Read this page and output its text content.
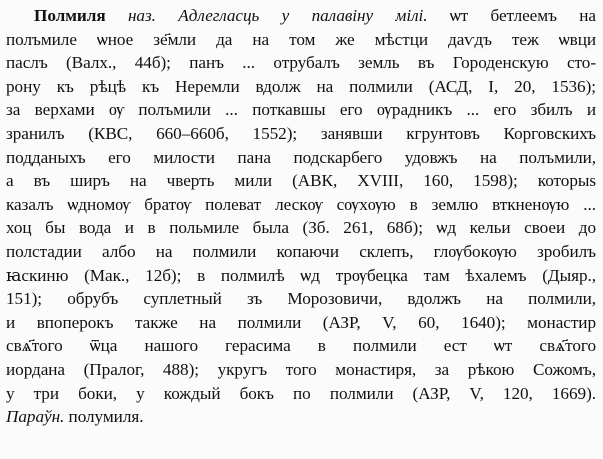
Полмиля наз. Адлегласць у палавіну мілі. ѡт бетлеемъ на
полъмиле ѡное зе҃мли да на том же мѣстци даѵдъ теж ѡвци
паслъ (Валх., 44б); панъ ... отрубалъ земль въ Городенскую сто-
рону къ рѣцѣ къ Неремли вдолж на полмили (АСД, I, 20, 1536);
за верхами ѹ полъмили ... поткавшы его ѹрадникъ ... его збилъ и
зранилъ (КВС, 660–660б, 1552); занявши кгрунтовъ Корговскихъ
подданыхъ его милости пана подскарбего удовжъ на полъмили,
а въ ширъ на чверть мили (АВК, XVIII, 160, 1598); которыѕ
казалъ ѡдномѹ братѹ полеват лескѹ сѹхѹю в землю вткненѹю ...
хоц бы вода и в польмиле была (Зб. 261, 68б); ѡд кельи своеи до
полстадии албо на полмили копаючи склепъ, глѹбокѹю зробилъ
ꙗскиню (Мак., 12б); в полмилѣ ѡд трѹбецка там ѣхалемъ (Дыяр.,
151); обрубъ суплетный зъ Морозовичи, вдолжъ на полмили,
и впоперокъ также на полмили (АЗР, V, 60, 1640); монастир
свѧ҃того ѿца нашого герасима в полмили ест ѡт свѧ҃того
иордана (Пралог, 488); укругъ того монастиря, за рѣкою Сожомъ,
у три боки, у кождый бокъ по полмили (АЗР, V, 120, 1669).
Параўн. полумиля.
